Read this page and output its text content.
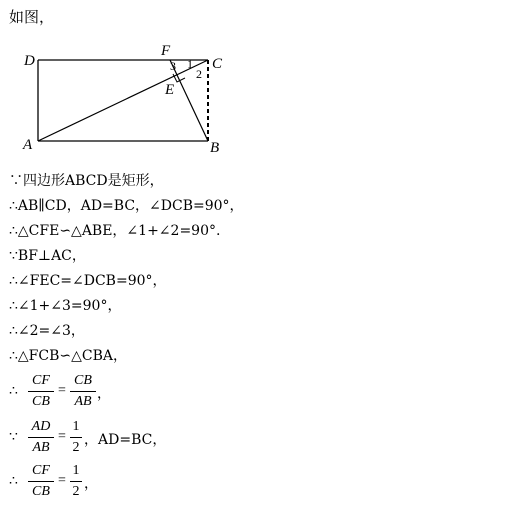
如图，
D
F
C
E
A	B
3 1
2
∵四边形ABCD是矩形，
∴AB∥CD，AD=BC，∠DCB=90°，
∴△CFE∽△ABE，∠1+∠2=90°.
∵BF⊥AC，
∴∠FEC=∠DCB=90°，
∴∠1+∠3=90°，
∴∠2=∠3，
∴△FCB∽△CBA，
∴
CF
CB
=
CB
AB ，
∵
AD
AB
=
1
2 ，AD=BC，
∴
CF
CB
=
1
2 ，
